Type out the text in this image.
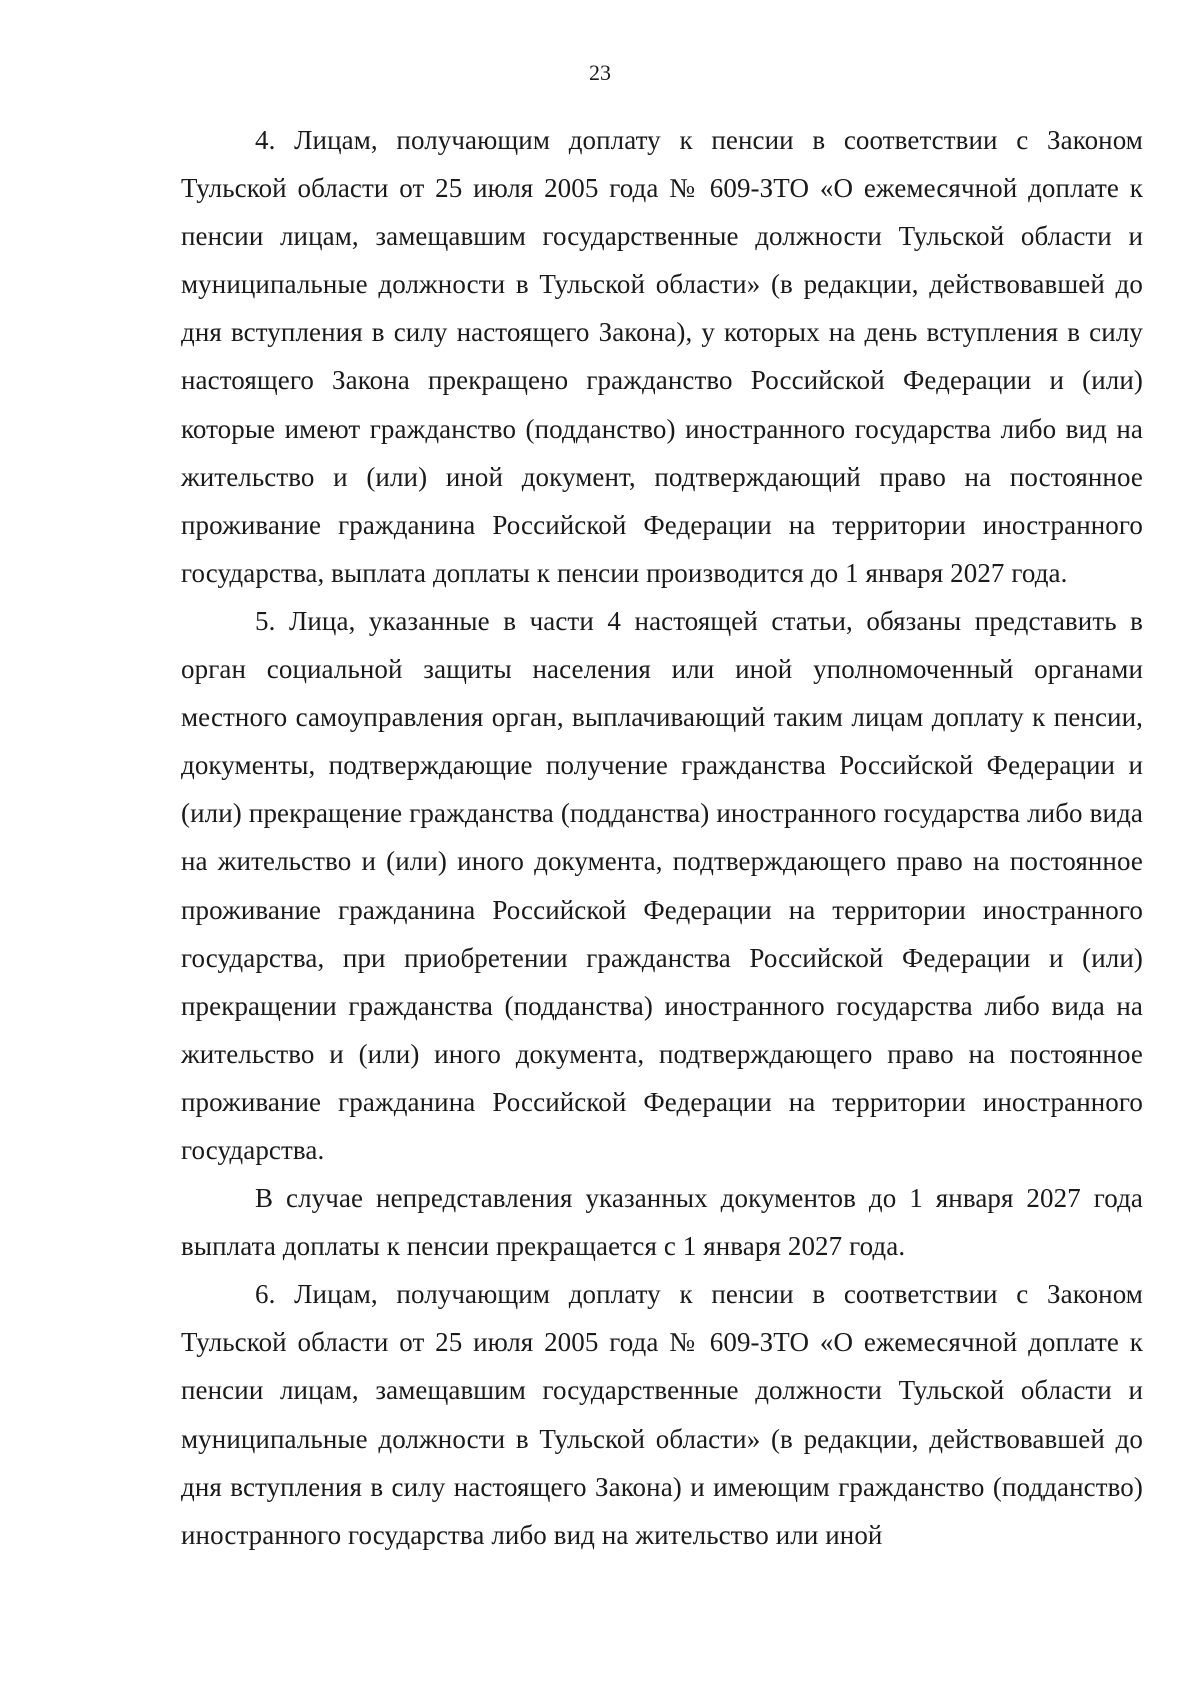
23

4. Лицам, получающим доплату к пенсии в соответствии с Законом Тульской области от 25 июля 2005 года № 609-ЗТО «О ежемесячной доплате к пенсии лицам, замещавшим государственные должности Тульской области и муниципальные должности в Тульской области» (в редакции, действовавшей до дня вступления в силу настоящего Закона), у которых на день вступления в силу настоящего Закона прекращено гражданство Российской Федерации и (или) которые имеют гражданство (подданство) иностранного государства либо вид на жительство и (или) иной документ, подтверждающий право на постоянное проживание гражданина Российской Федерации на территории иностранного государства, выплата доплаты к пенсии производится до 1 января 2027 года.

5. Лица, указанные в части 4 настоящей статьи, обязаны представить в орган социальной защиты населения или иной уполномоченный органами местного самоуправления орган, выплачивающий таким лицам доплату к пенсии, документы, подтверждающие получение гражданства Российской Федерации и (или) прекращение гражданства (подданства) иностранного государства либо вида на жительство и (или) иного документа, подтверждающего право на постоянное проживание гражданина Российской Федерации на территории иностранного государства, при приобретении гражданства Российской Федерации и (или) прекращении гражданства (подданства) иностранного государства либо вида на жительство и (или) иного документа, подтверждающего право на постоянное проживание гражданина Российской Федерации на территории иностранного государства.

В случае непредставления указанных документов до 1 января 2027 года выплата доплаты к пенсии прекращается с 1 января 2027 года.

6. Лицам, получающим доплату к пенсии в соответствии с Законом Тульской области от 25 июля 2005 года № 609-ЗТО «О ежемесячной доплате к пенсии лицам, замещавшим государственные должности Тульской области и муниципальные должности в Тульской области» (в редакции, действовавшей до дня вступления в силу настоящего Закона) и имеющим гражданство (подданство) иностранного государства либо вид на жительство или иной
